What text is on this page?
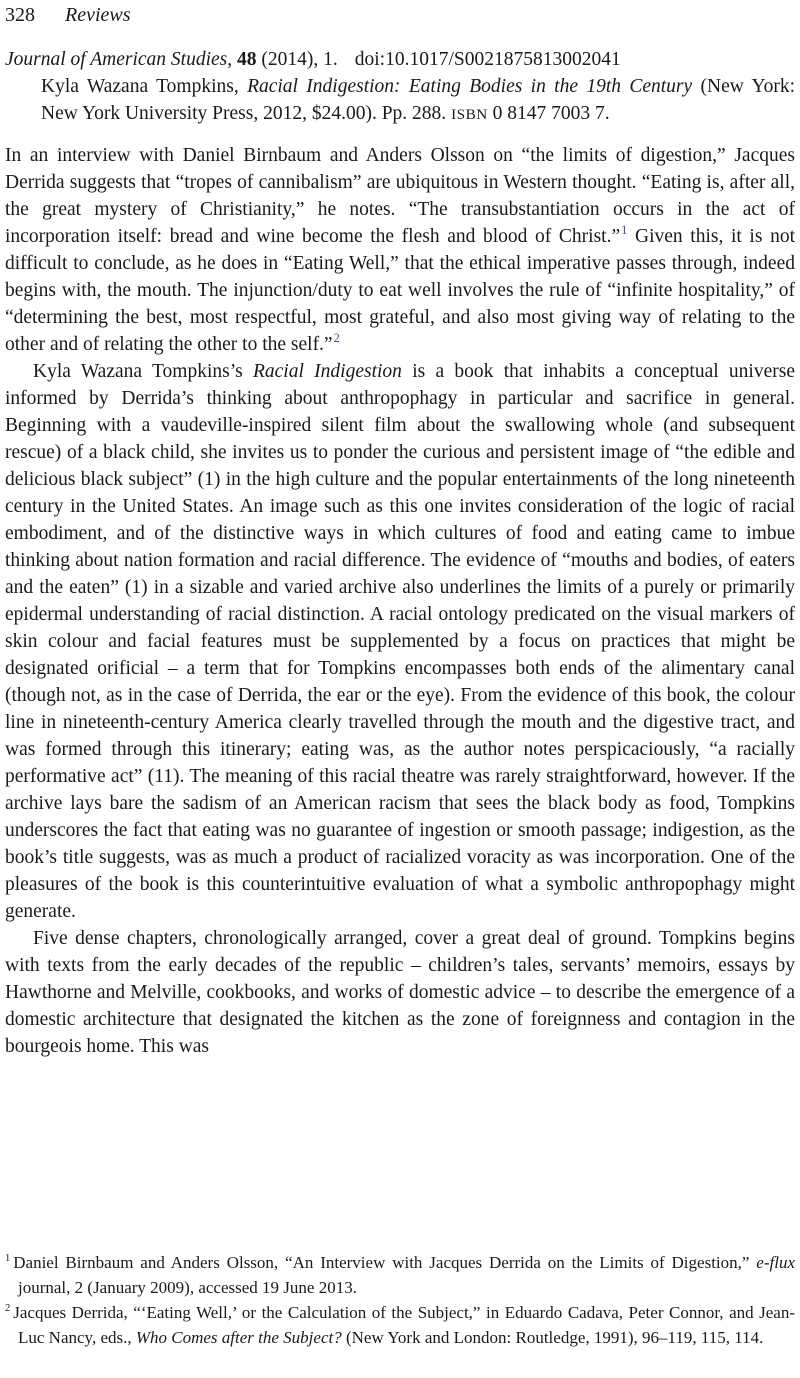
328 Reviews
Journal of American Studies, 48 (2014), 1. doi:10.1017/S0021875813002041
Kyla Wazana Tompkins, Racial Indigestion: Eating Bodies in the 19th Century (New York: New York University Press, 2012, $24.00). Pp. 288. ISBN 0 8147 7003 7.

In an interview with Daniel Birnbaum and Anders Olsson on “the limits of digestion,” Jacques Derrida suggests that “tropes of cannibalism” are ubiquitous in Western thought. “Eating is, after all, the great mystery of Christianity,” he notes. “The transubstantiation occurs in the act of incorporation itself: bread and wine become the flesh and blood of Christ.”$^1$ Given this, it is not difficult to conclude, as he does in “Eating Well,” that the ethical imperative passes through, indeed begins with, the mouth. The injunction/duty to eat well involves the rule of “infinite hospitality,” of “determining the best, most respectful, most grateful, and also most giving way of relating to the other and of relating the other to the self.”$^2$

Kyla Wazana Tompkins’s Racial Indigestion is a book that inhabits a conceptual universe informed by Derrida’s thinking about anthropophagy in particular and sacrifice in general. Beginning with a vaudeville-inspired silent film about the swallowing whole (and subsequent rescue) of a black child, she invites us to ponder the curious and persistent image of “the edible and delicious black subject” (1) in the high culture and the popular entertainments of the long nineteenth century in the United States. An image such as this one invites consideration of the logic of racial embodiment, and of the distinctive ways in which cultures of food and eating came to imbue thinking about nation formation and racial difference. The evidence of “mouths and bodies, of eaters and the eaten” (1) in a sizable and varied archive also underlines the limits of a purely or primarily epidermal understanding of racial distinction. A racial ontology predicated on the visual markers of skin colour and facial features must be supplemented by a focus on practices that might be designated orificial – a term that for Tompkins encompasses both ends of the alimentary canal (though not, as in the case of Derrida, the ear or the eye). From the evidence of this book, the colour line in nineteenth-century America clearly travelled through the mouth and the digestive tract, and was formed through this itinerary; eating was, as the author notes perspicaciously, “a racially performative act” (11). The meaning of this racial theatre was rarely straightforward, however. If the archive lays bare the sadism of an American racism that sees the black body as food, Tompkins underscores the fact that eating was no guarantee of ingestion or smooth passage; indigestion, as the book’s title suggests, was as much a product of racialized voracity as was incorporation. One of the pleasures of the book is this counterintuitive evaluation of what a symbolic anthropophagy might generate.

Five dense chapters, chronologically arranged, cover a great deal of ground. Tompkins begins with texts from the early decades of the republic – children’s tales, servants’ memoirs, essays by Hawthorne and Melville, cookbooks, and works of domestic advice – to describe the emergence of a domestic architecture that designated the kitchen as the zone of foreignness and contagion in the bourgeois home. This was

$^1$ Daniel Birnbaum and Anders Olsson, “An Interview with Jacques Derrida on the Limits of Digestion,” e-flux journal, 2 (January 2009), accessed 19 June 2013.

$^2$ Jacques Derrida, “‘Eating Well,’ or the Calculation of the Subject,” in Eduardo Cadava, Peter Connor, and Jean-Luc Nancy, eds., Who Comes after the Subject? (New York and London: Routledge, 1991), 96–119, 115, 114.
